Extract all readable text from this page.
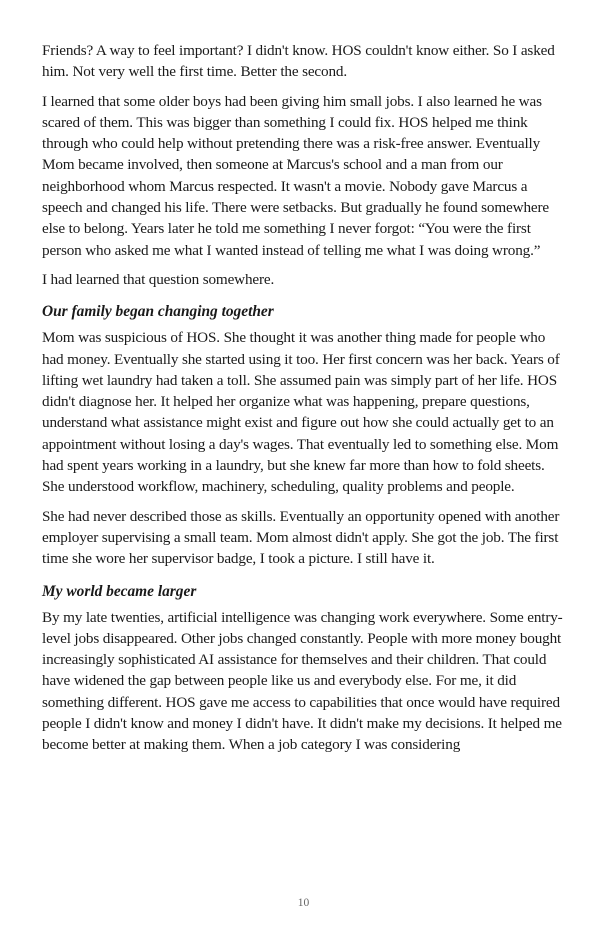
Friends? A way to feel important? I didn't know. HOS couldn't know either. So I asked him. Not very well the first time. Better the second.

I learned that some older boys had been giving him small jobs. I also learned he was scared of them. This was bigger than something I could fix. HOS helped me think through who could help without pretending there was a risk-free answer. Eventually Mom became involved, then someone at Marcus's school and a man from our neighborhood whom Marcus respected. It wasn't a movie. Nobody gave Marcus a speech and changed his life. There were setbacks. But gradually he found somewhere else to belong. Years later he told me something I never forgot: “You were the first person who asked me what I wanted instead of telling me what I was doing wrong.”

I had learned that question somewhere.

Our family began changing together

Mom was suspicious of HOS. She thought it was another thing made for people who had money. Eventually she started using it too. Her first concern was her back. Years of lifting wet laundry had taken a toll. She assumed pain was simply part of her life. HOS didn't diagnose her. It helped her organize what was happening, prepare questions, understand what assistance might exist and figure out how she could actually get to an appointment without losing a day's wages. That eventually led to something else. Mom had spent years working in a laundry, but she knew far more than how to fold sheets. She understood workflow, machinery, scheduling, quality problems and people.

She had never described those as skills. Eventually an opportunity opened with another employer supervising a small team. Mom almost didn't apply. She got the job. The first time she wore her supervisor badge, I took a picture. I still have it.

My world became larger

By my late twenties, artificial intelligence was changing work everywhere. Some entry-level jobs disappeared. Other jobs changed constantly. People with more money bought increasingly sophisticated AI assistance for themselves and their children. That could have widened the gap between people like us and everybody else. For me, it did something different. HOS gave me access to capabilities that once would have required people I didn't know and money I didn't have. It didn't make my decisions. It helped me become better at making them. When a job category I was considering

10
